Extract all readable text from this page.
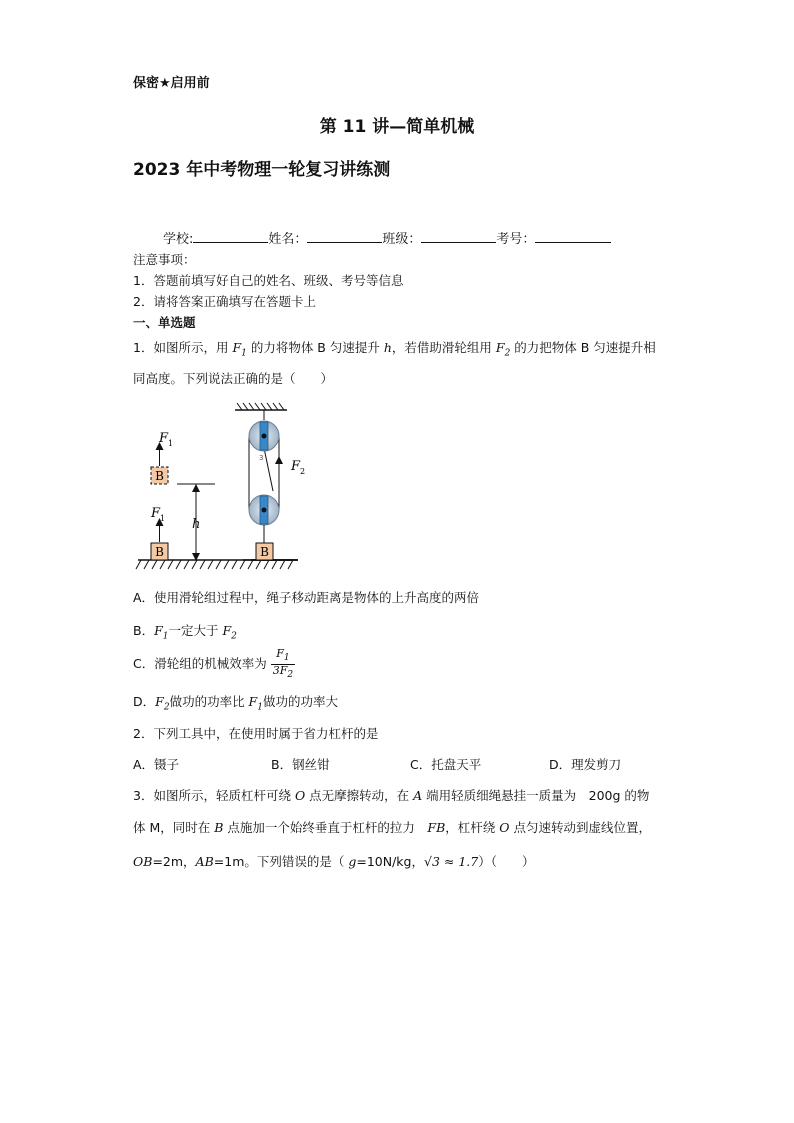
保密★启用前
第 11 讲—简单机械
2023 年中考物理一轮复习讲练测
学校:	姓名：	班级：	考号：
注意事项：
1．答题前填写好自己的姓名、班级、考号等信息
2．请将答案正确填写在答题卡上
一、单选题
1．如图所示，用 $F_1$ 的力将物体 B 匀速提升 h，若借助滑轮组用 $F_2$ 的力把物体 B 匀速提升相
同高度。下列说法正确的是（　　）
B
F 1
B
F 1
h
3
F 2
B
A．使用滑轮组过程中，绳子移动距离是物体的上升高度的两倍
B．$F_1$一定大于 $F_2$
C．滑轮组的机械效率为 $\frac{F_1}{3F_2}$
D．$F_2$做功的功率比 $F_1$做功的功率大
2．下列工具中，在使用时属于省力杠杆的是
A．镊子	B．钢丝钳	C．托盘天平	D．理发剪刀
3．如图所示，轻质杠杆可绕 O 点无摩擦转动，在 A 端用轻质细绳悬挂一质量为　200g 的物
体 M，同时在 B 点施加一个始终垂直于杠杆的拉力　FB，杠杆绕 O 点匀速转动到虚线位置，
OB=2m，AB=1m。下列错误的是（ g=10N/kg，√3 ≈ 1.7）（　　）
